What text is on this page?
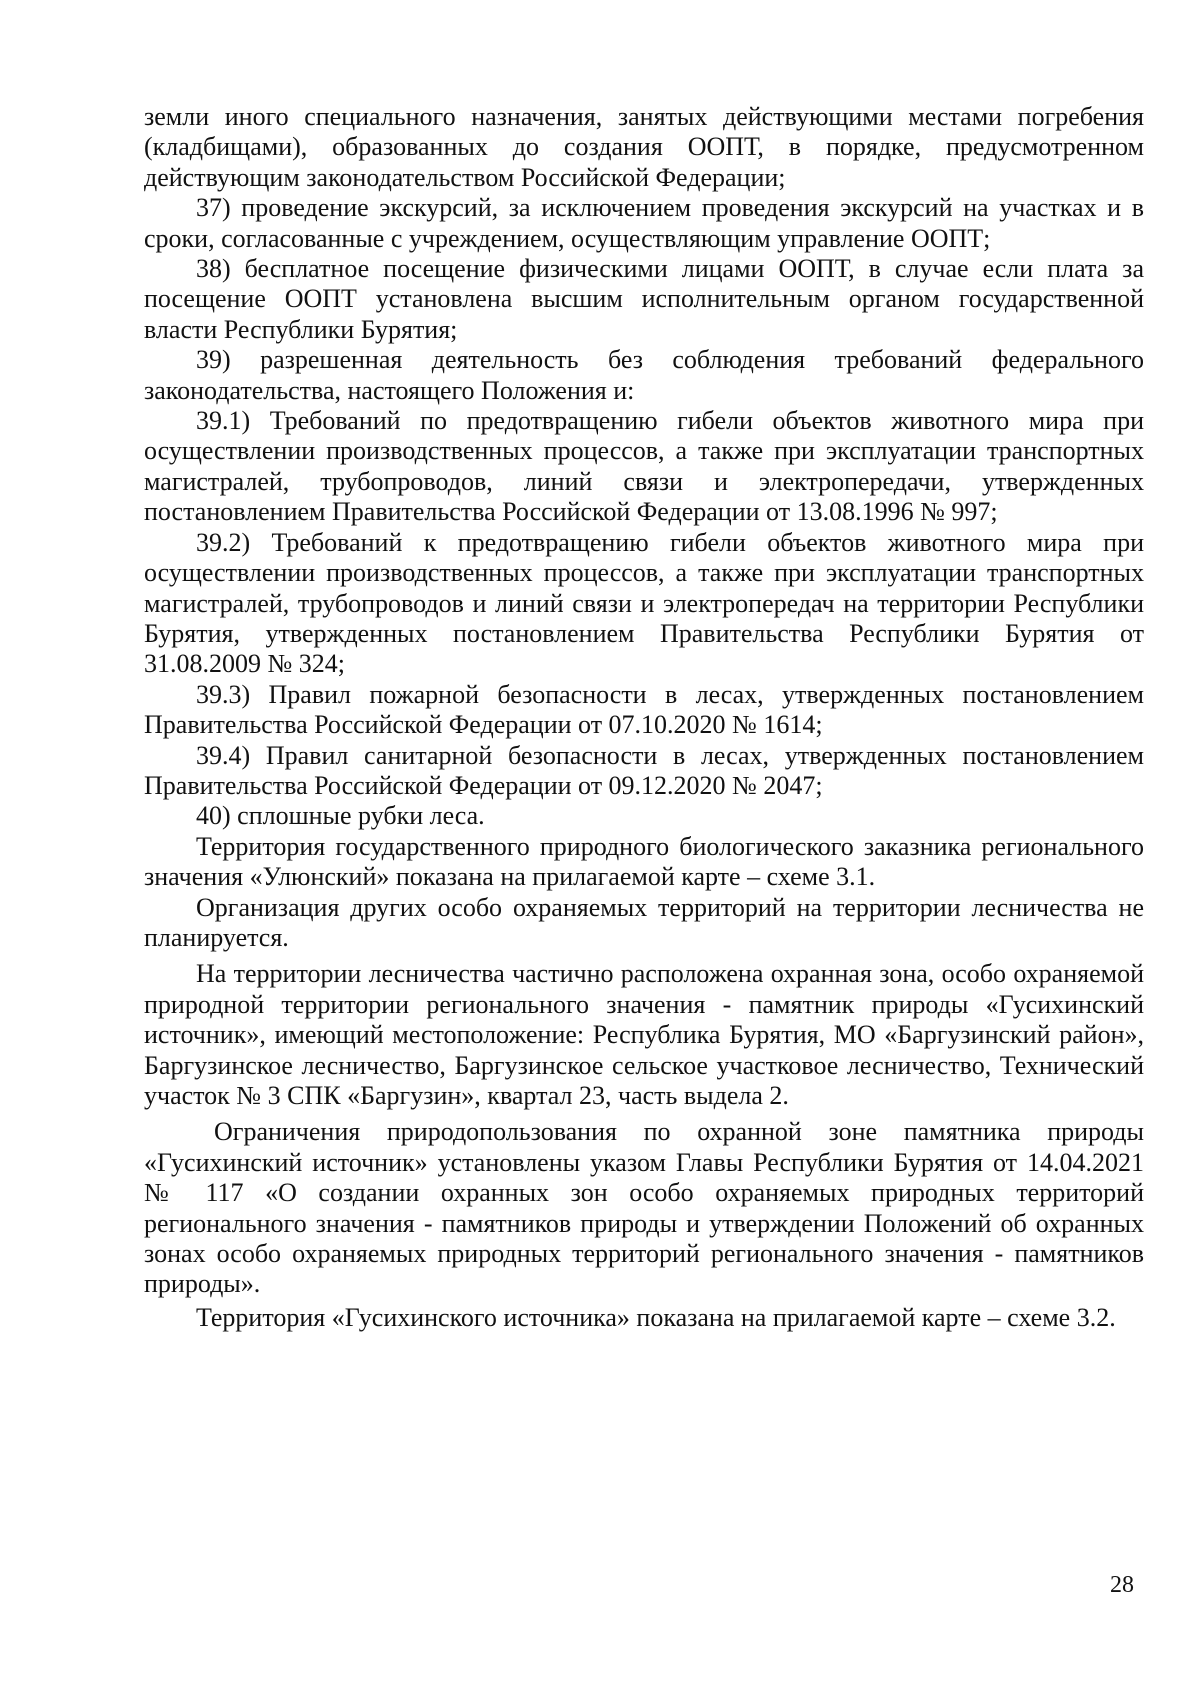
земли иного специального назначения, занятых действующими местами погребения (кладбищами), образованных до создания ООПТ, в порядке, предусмотренном действующим законодательством Российской Федерации;

37) проведение экскурсий, за исключением проведения экскурсий на участках и в сроки, согласованные с учреждением, осуществляющим управление ООПТ;

38) бесплатное посещение физическими лицами ООПТ, в случае если плата за посещение ООПТ установлена высшим исполнительным органом государственной власти Республики Бурятия;

39) разрешенная деятельность без соблюдения требований федерального законодательства, настоящего Положения и:

39.1) Требований по предотвращению гибели объектов животного мира при осуществлении производственных процессов, а также при эксплуатации транспортных магистралей, трубопроводов, линий связи и электропередачи, утвержденных постановлением Правительства Российской Федерации от 13.08.1996 № 997;

39.2) Требований к предотвращению гибели объектов животного мира при осуществлении производственных процессов, а также при эксплуатации транспортных магистралей, трубопроводов и линий связи и электропередач на территории Республики Бурятия, утвержденных постановлением Правительства Республики Бурятия от 31.08.2009 № 324;

39.3) Правил пожарной безопасности в лесах, утвержденных постановлением Правительства Российской Федерации от 07.10.2020 № 1614;

39.4) Правил санитарной безопасности в лесах, утвержденных постановлением Правительства Российской Федерации от 09.12.2020 № 2047;

40) сплошные рубки леса.

Территория государственного природного биологического заказника регионального значения «Улюнский» показана на прилагаемой карте – схеме 3.1.

Организация других особо охраняемых территорий на территории лесничества не планируется.

На территории лесничества частично расположена охранная зона, особо охраняемой природной территории регионального значения - памятник природы «Гусихинский источник», имеющий местоположение: Республика Бурятия, МО «Баргузинский район», Баргузинское лесничество, Баргузинское сельское участковое лесничество, Технический участок № 3 СПК «Баргузин», квартал 23, часть выдела 2.

Ограничения природопользования по охранной зоне памятника природы «Гусихинский источник» установлены указом Главы Республики Бурятия от 14.04.2021 № 117 «О создании охранных зон особо охраняемых природных территорий регионального значения - памятников природы и утверждении Положений об охранных зонах особо охраняемых природных территорий регионального значения - памятников природы».

Территория «Гусихинского источника» показана на прилагаемой карте – схеме 3.2.

28
